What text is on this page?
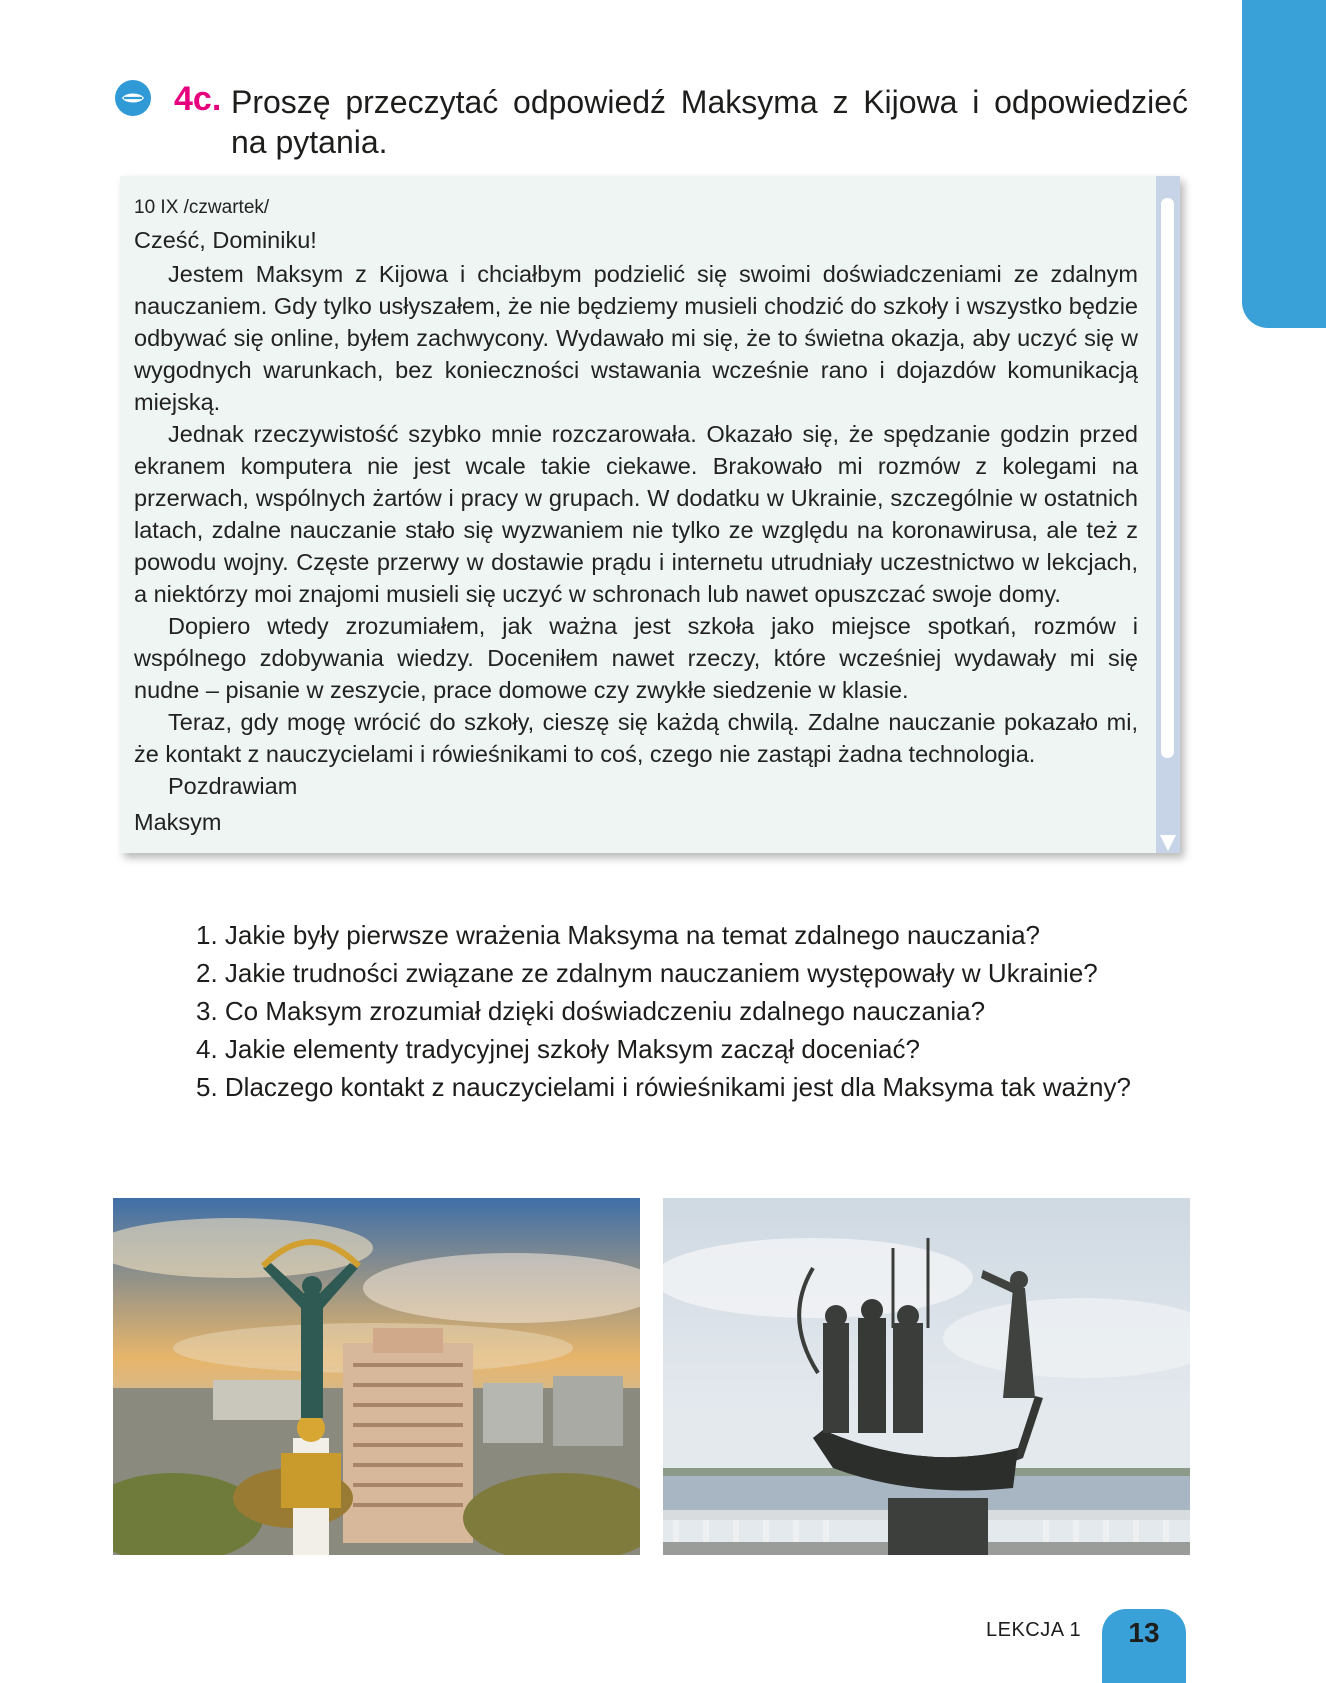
4c. Proszę przeczytać odpowiedź Maksyma z Kijowa i odpowiedzieć na pytania.
10 IX /czwartek/
Cześć, Dominiku!

Jestem Maksym z Kijowa i chciałbym podzielić się swoimi doświadczeniami ze zdalnym nauczaniem. Gdy tylko usłyszałem, że nie będziemy musieli chodzić do szkoły i wszystko będzie odbywać się online, byłem zachwycony. Wydawało mi się, że to świetna okazja, aby uczyć się w wygodnych warunkach, bez konieczności wstawania wcześnie rano i dojazdów komunikacją miejską.

Jednak rzeczywistość szybko mnie rozczarowała. Okazało się, że spędzanie godzin przed ekranem komputera nie jest wcale takie ciekawe. Brakowało mi rozmów z kolegami na przerwach, wspólnych żartów i pracy w grupach. W dodatku w Ukrainie, szczególnie w ostatnich latach, zdalne nauczanie stało się wyzwaniem nie tylko ze względu na koronawirusa, ale też z powodu wojny. Częste przerwy w dostawie prądu i internetu utrudniały uczestnictwo w lekcjach, a niektórzy moi znajomi musieli się uczyć w schronach lub nawet opuszczać swoje domy.

Dopiero wtedy zrozumiałem, jak ważna jest szkoła jako miejsce spotkań, rozmów i wspólnego zdobywania wiedzy. Doceniłem nawet rzeczy, które wcześniej wydawały mi się nudne – pisanie w zeszycie, prace domowe czy zwykłe siedzenie w klasie.

Teraz, gdy mogę wrócić do szkoły, cieszę się każdą chwilą. Zdalne nauczanie pokazało mi, że kontakt z nauczycielami i rówieśnikami to coś, czego nie zastąpi żadna technologia.

Pozdrawiam

Maksym
1. Jakie były pierwsze wrażenia Maksyma na temat zdalnego nauczania?
2. Jakie trudności związane ze zdalnym nauczaniem występowały w Ukrainie?
3. Co Maksym zrozumiał dzięki doświadczeniu zdalnego nauczania?
4. Jakie elementy tradycyjnej szkoły Maksym zaczął doceniać?
5. Dlaczego kontakt z nauczycielami i rówieśnikami jest dla Maksyma tak ważny?
LEKCJA 1	13
